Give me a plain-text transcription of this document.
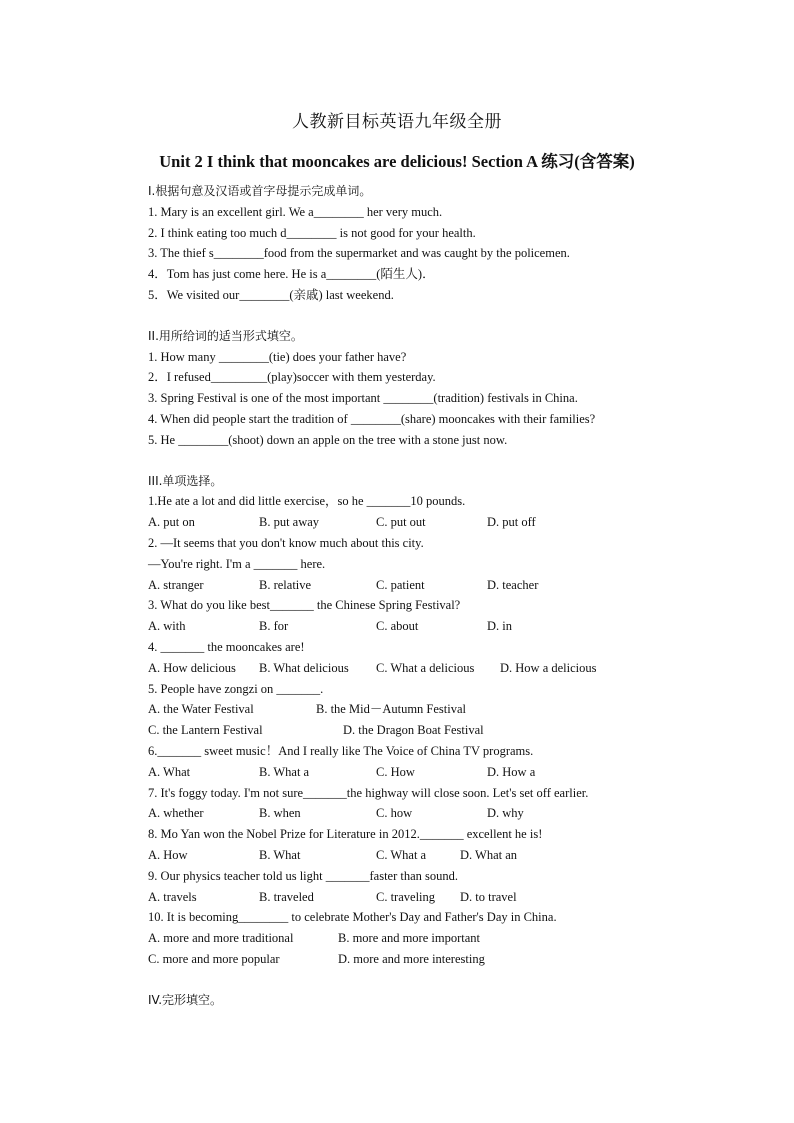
人教新目标英语九年级全册
Unit 2 I think that mooncakes are delicious! Section A 练习(含答案)
I.根据句意及汉语或首字母提示完成单词。
1. Mary is an excellent girl. We a________ her very much.
2. I think eating too much d________ is not good for your health.
3. The thief s________food from the supermarket and was caught by the policemen.
4．Tom has just come here. He is a________(陌生人)．
5．We visited our________(亲戚) last weekend.
II.用所给词的适当形式填空。
1. How many ________(tie) does your father have?
2．I refused_________(play)soccer with them yesterday.
3. Spring Festival is one of the most important ________(tradition) festivals in China.
4. When did people start the tradition of ________(share) mooncakes with their families?
5. He ________(shoot) down an apple on the tree with a stone just now.
III.单项选择。
1.He ate a lot and did little exercise，so he _______10 pounds.
A. put on	B. put away	C. put out	D. put off
2. —It seems that you don't know much about this city.
—You're right. I'm a _______ here.
A. stranger	B. relative	C. patient	D. teacher
3. What do you like best_______ the Chinese Spring Festival?
A. with	B. for	C. about	D. in
4. _______ the mooncakes are!
A. How delicious	B. What delicious	C. What a delicious	D. How a delicious
5. People have zongzi on _______.
A. the Water Festival	B. the Mid－Autumn Festival
C. the Lantern Festival	D. the Dragon Boat Festival
6._______ sweet music！And I really like The Voice of China TV programs.
A. What	B. What a	C. How	D. How a
7. It's foggy today. I'm not sure_______the highway will close soon. Let's set off earlier.
A. whether	B. when	C. how	D. why
8. Mo Yan won the Nobel Prize for Literature in 2012._______ excellent he is!
A. How	B. What	C. What a	D. What an
9. Our physics teacher told us light _______faster than sound.
A. travels	B. traveled	C. traveling	D. to travel
10. It is becoming________ to celebrate Mother's Day and Father's Day in China.
A. more and more traditional	B. more and more important
C. more and more popular	D. more and more interesting
IV.完形填空。
